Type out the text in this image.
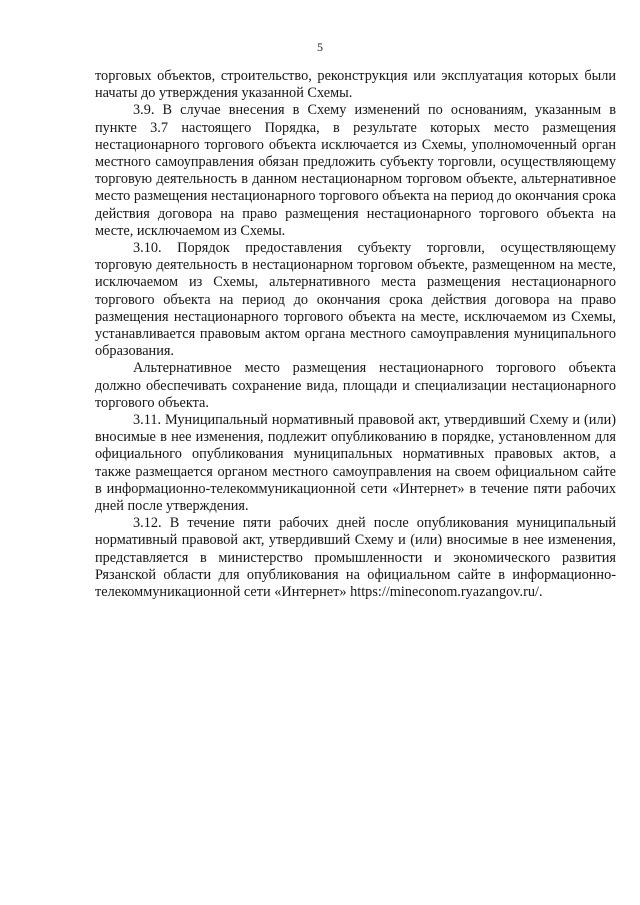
5

торговых объектов, строительство, реконструкция или эксплуатация которых были начаты до утверждения указанной Схемы.

3.9. В случае внесения в Схему изменений по основаниям, указанным в пункте 3.7 настоящего Порядка, в результате которых место размещения нестационарного торгового объекта исключается из Схемы, уполномоченный орган местного самоуправления обязан предложить субъекту торговли, осуществляющему торговую деятельность в данном нестационарном торговом объекте, альтернативное место размещения нестационарного торгового объекта на период до окончания срока действия договора на право размещения нестационарного торгового объекта на месте, исключаемом из Схемы.

3.10. Порядок предоставления субъекту торговли, осуществляющему торговую деятельность в нестационарном торговом объекте, размещенном на месте, исключаемом из Схемы, альтернативного места размещения нестационарного торгового объекта на период до окончания срока действия договора на право размещения нестационарного торгового объекта на месте, исключаемом из Схемы, устанавливается правовым актом органа местного самоуправления муниципального образования.

Альтернативное место размещения нестационарного торгового объекта должно обеспечивать сохранение вида, площади и специализации нестационарного торгового объекта.

3.11. Муниципальный нормативный правовой акт, утвердивший Схему и (или) вносимые в нее изменения, подлежит опубликованию в порядке, установленном для официального опубликования муниципальных нормативных правовых актов, а также размещается органом местного самоуправления на своем официальном сайте в информационно-телекоммуникационной сети «Интернет» в течение пяти рабочих дней после утверждения.

3.12. В течение пяти рабочих дней после опубликования муниципальный нормативный правовой акт, утвердивший Схему и (или) вносимые в нее изменения, представляется в министерство промышленности и экономического развития Рязанской области для опубликования на официальном сайте в информационно-телекоммуникационной сети «Интернет» https://mineconom.ryazangov.ru/.
